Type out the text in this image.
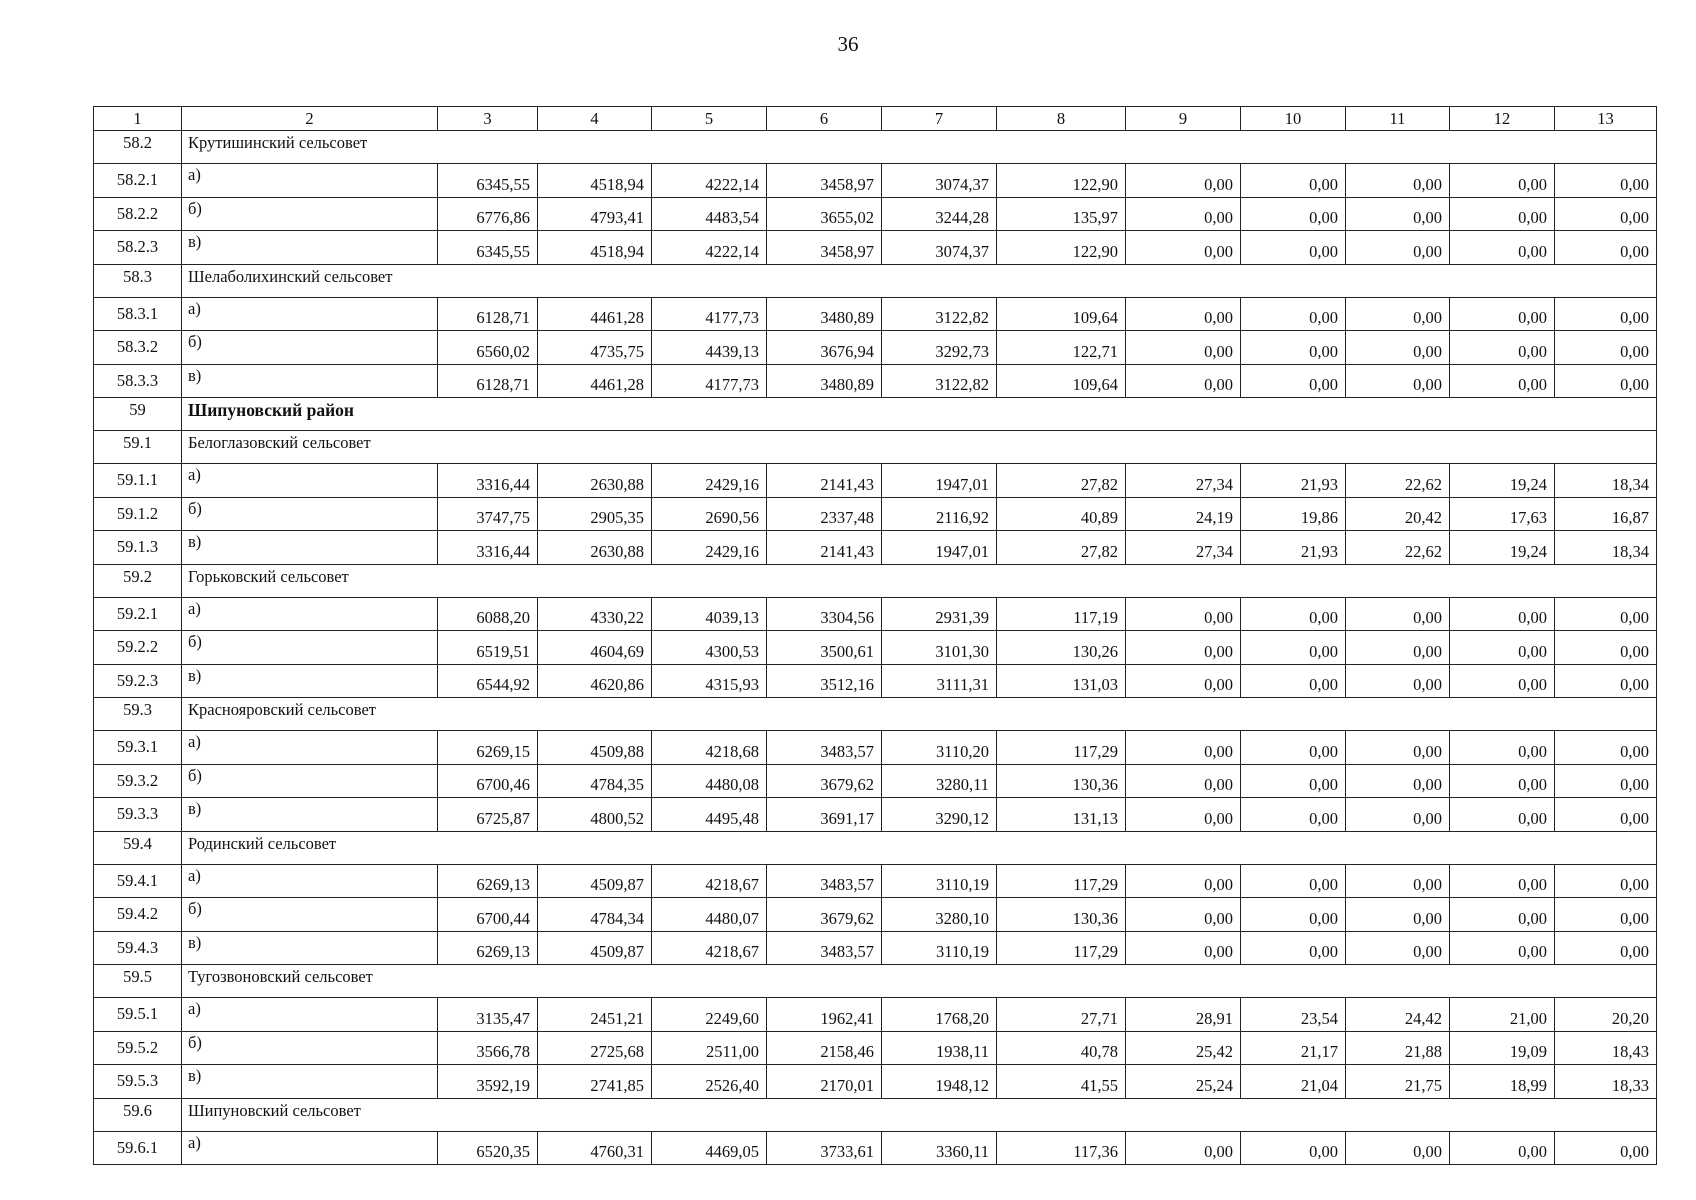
36
1	2	3	4	5	6	7	8	9	10	11	12	13
58.2	Крутишинский сельсовет											
58.2.1	а)	6345,55	4518,94	4222,14	3458,97	3074,37	122,90	0,00	0,00	0,00	0,00	0,00
58.2.2	б)	6776,86	4793,41	4483,54	3655,02	3244,28	135,97	0,00	0,00	0,00	0,00	0,00
58.2.3	в)	6345,55	4518,94	4222,14	3458,97	3074,37	122,90	0,00	0,00	0,00	0,00	0,00
58.3	Шелаболихинский сельсовет											
58.3.1	а)	6128,71	4461,28	4177,73	3480,89	3122,82	109,64	0,00	0,00	0,00	0,00	0,00
58.3.2	б)	6560,02	4735,75	4439,13	3676,94	3292,73	122,71	0,00	0,00	0,00	0,00	0,00
58.3.3	в)	6128,71	4461,28	4177,73	3480,89	3122,82	109,64	0,00	0,00	0,00	0,00	0,00
59	Шипуновский район											
59.1	Белоглазовский сельсовет											
59.1.1	а)	3316,44	2630,88	2429,16	2141,43	1947,01	27,82	27,34	21,93	22,62	19,24	18,34
59.1.2	б)	3747,75	2905,35	2690,56	2337,48	2116,92	40,89	24,19	19,86	20,42	17,63	16,87
59.1.3	в)	3316,44	2630,88	2429,16	2141,43	1947,01	27,82	27,34	21,93	22,62	19,24	18,34
59.2	Горьковский сельсовет											
59.2.1	а)	6088,20	4330,22	4039,13	3304,56	2931,39	117,19	0,00	0,00	0,00	0,00	0,00
59.2.2	б)	6519,51	4604,69	4300,53	3500,61	3101,30	130,26	0,00	0,00	0,00	0,00	0,00
59.2.3	в)	6544,92	4620,86	4315,93	3512,16	3111,31	131,03	0,00	0,00	0,00	0,00	0,00
59.3	Краснояровский сельсовет											
59.3.1	а)	6269,15	4509,88	4218,68	3483,57	3110,20	117,29	0,00	0,00	0,00	0,00	0,00
59.3.2	б)	6700,46	4784,35	4480,08	3679,62	3280,11	130,36	0,00	0,00	0,00	0,00	0,00
59.3.3	в)	6725,87	4800,52	4495,48	3691,17	3290,12	131,13	0,00	0,00	0,00	0,00	0,00
59.4	Родинский сельсовет											
59.4.1	а)	6269,13	4509,87	4218,67	3483,57	3110,19	117,29	0,00	0,00	0,00	0,00	0,00
59.4.2	б)	6700,44	4784,34	4480,07	3679,62	3280,10	130,36	0,00	0,00	0,00	0,00	0,00
59.4.3	в)	6269,13	4509,87	4218,67	3483,57	3110,19	117,29	0,00	0,00	0,00	0,00	0,00
59.5	Тугозвоновский сельсовет											
59.5.1	а)	3135,47	2451,21	2249,60	1962,41	1768,20	27,71	28,91	23,54	24,42	21,00	20,20
59.5.2	б)	3566,78	2725,68	2511,00	2158,46	1938,11	40,78	25,42	21,17	21,88	19,09	18,43
59.5.3	в)	3592,19	2741,85	2526,40	2170,01	1948,12	41,55	25,24	21,04	21,75	18,99	18,33
59.6	Шипуновский сельсовет											
59.6.1	а)	6520,35	4760,31	4469,05	3733,61	3360,11	117,36	0,00	0,00	0,00	0,00	0,00
